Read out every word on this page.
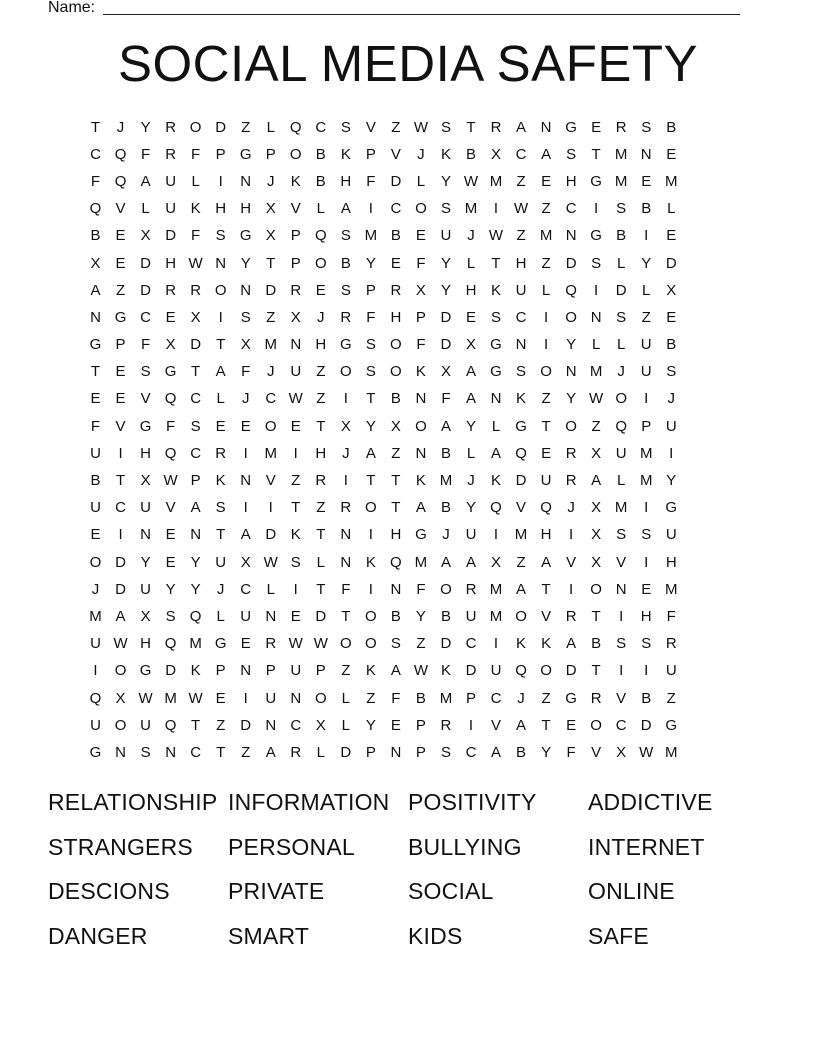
Name:
SOCIAL MEDIA SAFETY
T	J	Y R O D	Z	L	Q C S	V	Z W S	T	R A N G E R S	B
C Q F	R	F	P G P O B	K	P	V	J	K	B	X C A	S	T M N E
F Q A U	L	I	N	J	K	B H	F	D	L	Y W M Z	E H G M E M
Q V	L	U K H H X	V	L	A	I	C O S M	I	W Z	C	I	S	B	L
B	E	X D	F	S G X	P Q S M B	E U	J W Z M N G B	I	E
X	E D H W N Y	T	P O B	Y	E	F	Y	L	T	H	Z	D S	L	Y D
A	Z	D R R O N D R E	S	P R X	Y H K U	L	Q	I	D	L	X
N G C E	X	I	S	Z	X	J	R	F	H P D E	S C	I	O N S	Z	E
G P	F	X D	T	X M N H G S O F	D X G N	I	Y	L	L	U B
T	E	S G T	A	F	J	U	Z O S O K	X	A G S O N M	J	U S
E	E	V Q C	L	J	C W Z	I	T	B N	F	A N K	Z	Y W O	I	J
F	V G F	S	E	E O E	T	X	Y	X O A	Y	L	G T O Z Q P U
U	I	H Q C R	I	M	I	H	J	A	Z	N B	L	A Q E R X U M	I
B	T	X W P	K N V	Z	R	I	T	T	K M	J	K D U R A	L M Y
U C U V	A	S	I	I	T	Z	R O T	A	B	Y Q V Q	J	X M	I	G
E	I	N E N	T	A D K	T	N	I	H G	J	U	I	M H	I	X	S	S U
O D Y	E	Y U X W S	L	N K Q M A	A	X	Z	A	V	X	V	I	H
J	D U Y	Y	J	C	L	I	T	F	I	N	F O R M A	T	I	O N E M
M A	X	S Q	L	U N E D	T O B	Y	B U M O V R	T	I	H	F
U W H Q M G E R W W O O S	Z	D C	I	K	K	A	B	S	S R
I	O G D K	P N P U P	Z	K	A W K D U Q O D	T	I	I	U
Q X W M W E	I	U N O	L	Z	F	B M P C	J	Z G R V	B	Z
U O U Q T	Z	D N C X	L	Y	E	P R	I	V	A	T	E O C D G
G N S N C	T	Z	A R	L	D P N P	S C A	B	Y	F	V	X W M
RELATIONSHIP INFORMATION POSITIVITY	ADDICTIVE
STRANGERS	PERSONAL	BULLYING	INTERNET
DESCIONS	PRIVATE	SOCIAL	ONLINE
DANGER	SMART	KIDS	SAFE
